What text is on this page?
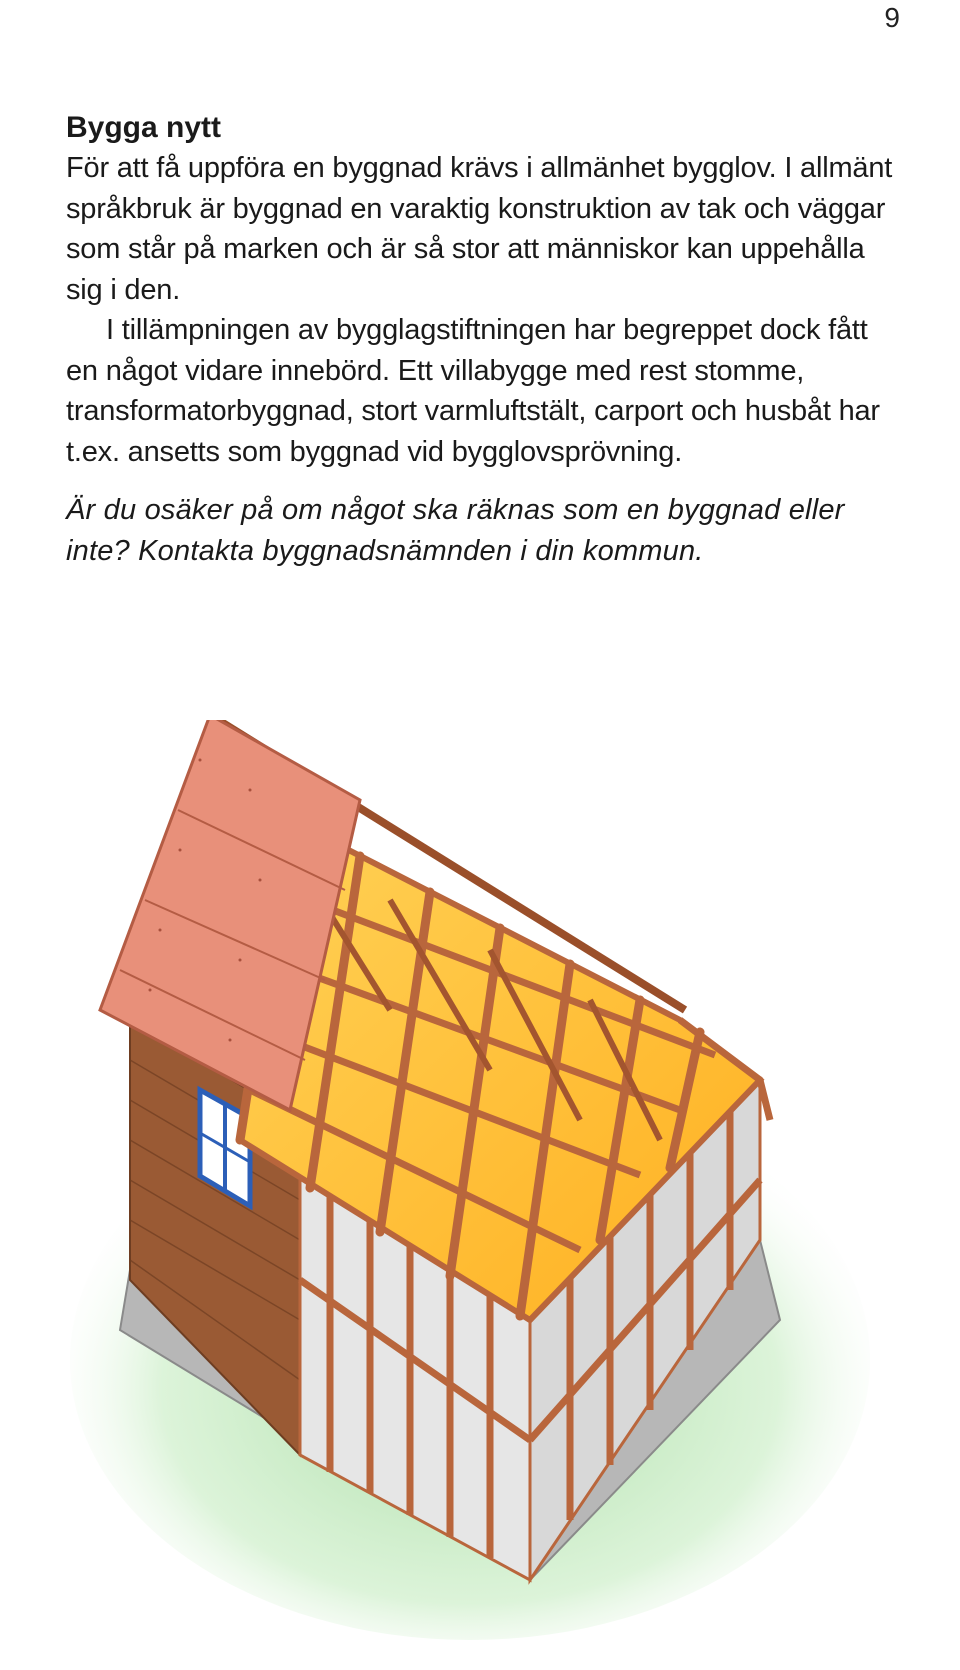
9
Bygga nytt

För att få uppföra en byggnad krävs i allmänhet bygglov. I allmänt språkbruk är byggnad en varaktig konstruktion av tak och väggar som står på marken och är så stor att människor kan uppehålla sig i den.

I tillämpningen av bygglagstiftningen har begreppet dock fått en något vidare innebörd. Ett villabygge med rest stomme, transformatorbyggnad, stort varmluftstält, carport och husbåt har t.ex. ansetts som byggnad vid bygglovsprövning.

Är du osäker på om något ska räknas som en byggnad eller inte? Kontakta byggnadsnämnden i din kommun.
